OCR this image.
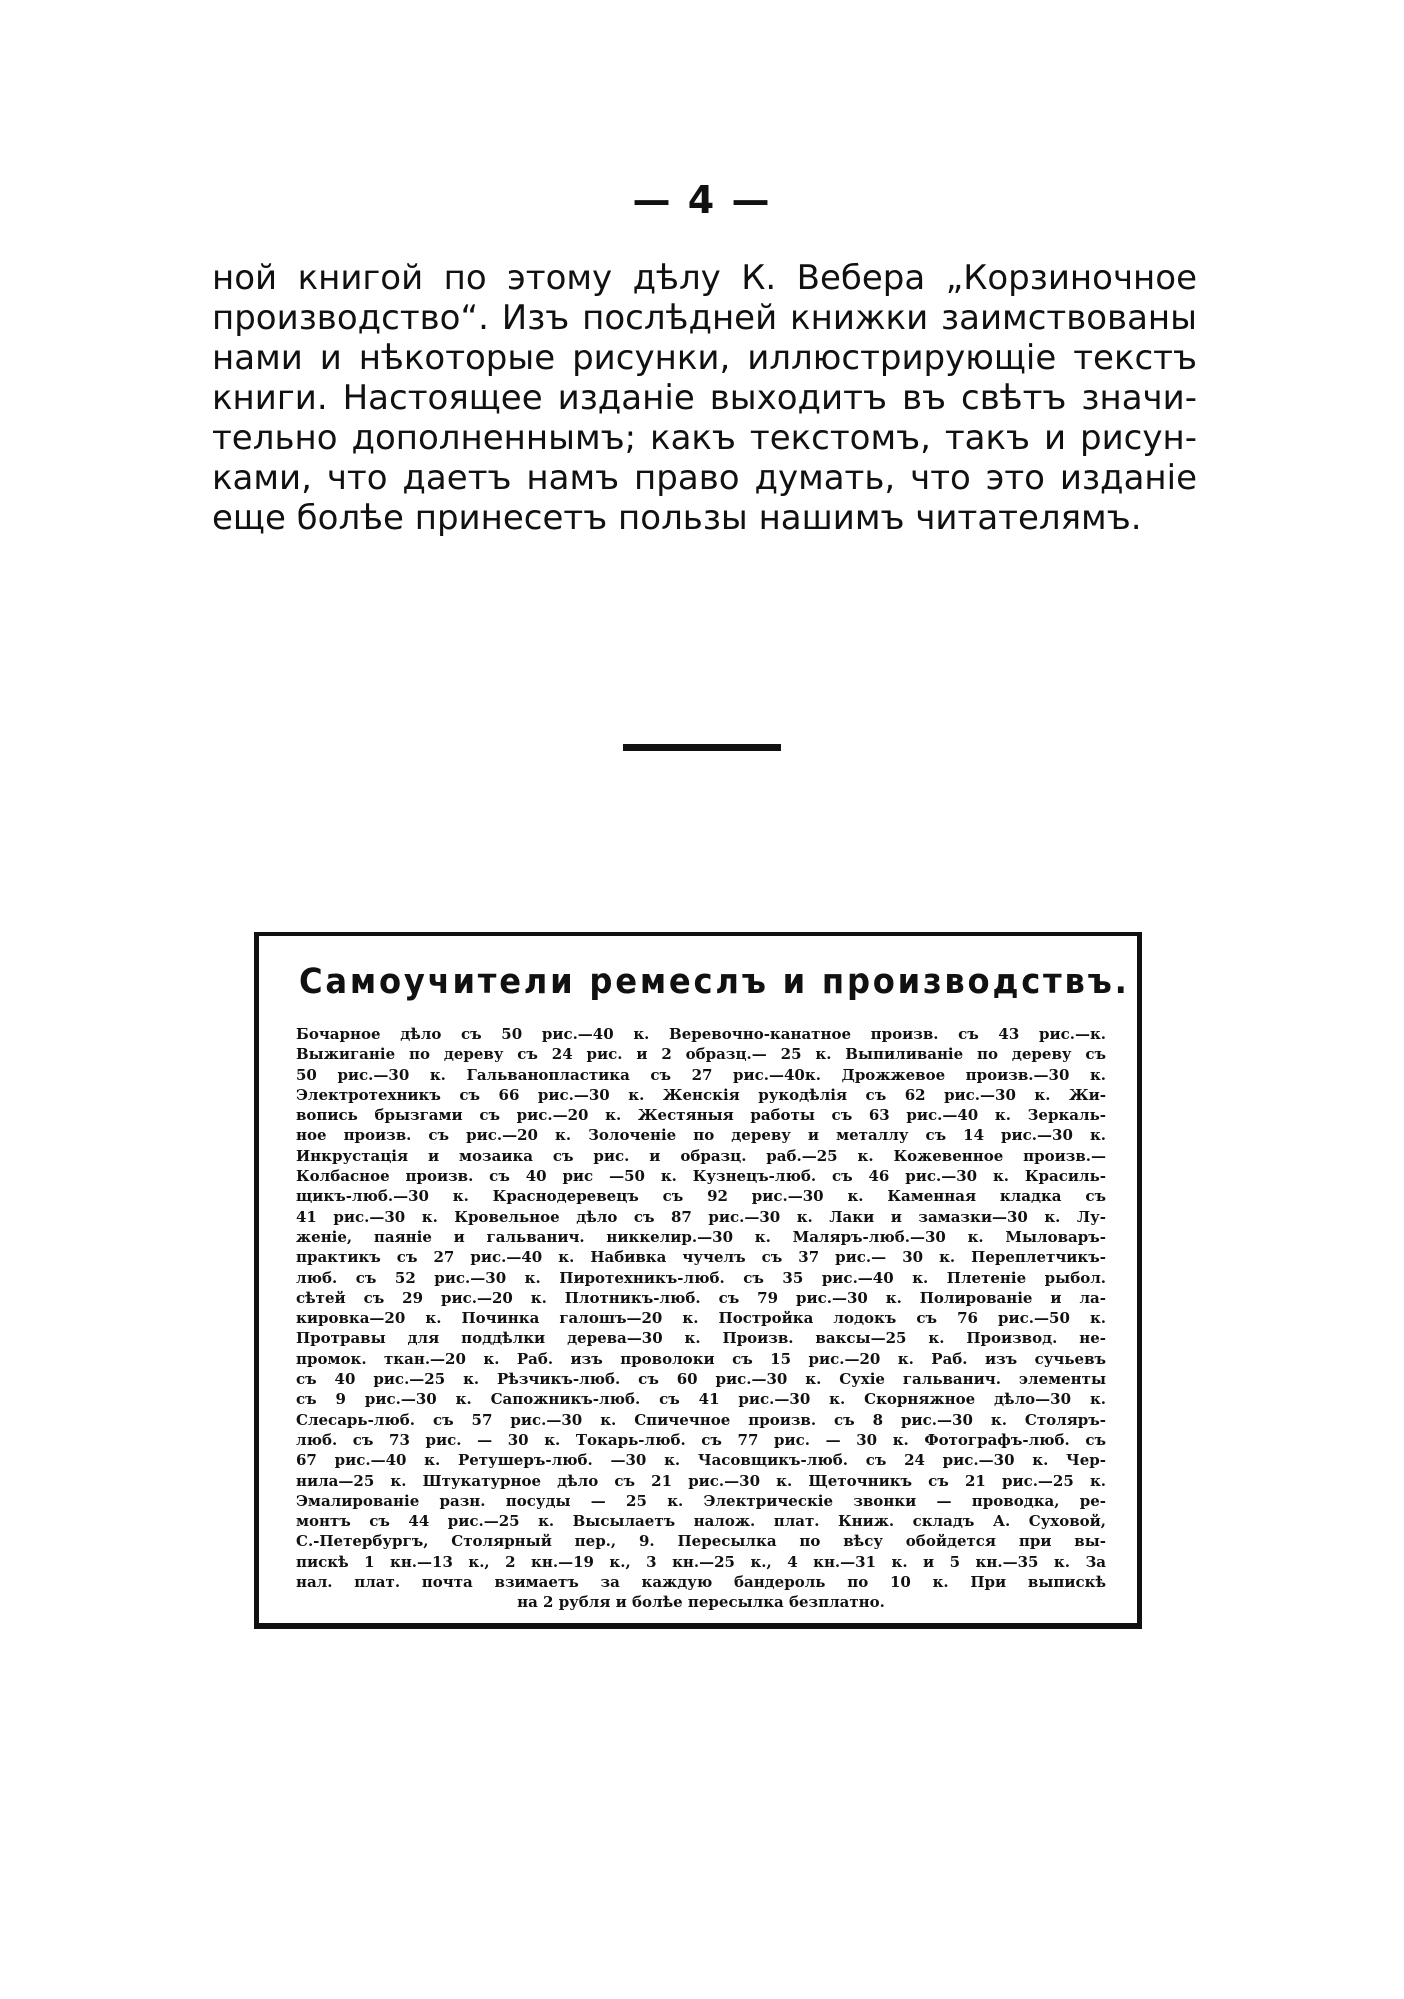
— 4 —
ной книгой по этому дѣлу К. Вебера „Корзиночное
производство“. Изъ послѣдней книжки заимствованы
нами и нѣкоторые рисунки, иллюстрирующіе текстъ
книги. Настоящее изданіе выходитъ въ свѣтъ значи-
тельно дополненнымъ; какъ текстомъ, такъ и рисун-
ками, что даетъ намъ право думать, что это изданіе
еще болѣе принесетъ пользы нашимъ читателямъ.
Самоучители ремеслъ и производствъ.
Бочарное дѣло съ 50 рис.—40 к. Веревочно-канатное произв. съ 43 рис.—к.
Выжиганіе по дереву съ 24 рис. и 2 образц.— 25 к. Выпиливаніе по дереву съ
50 рис.—30 к. Гальванопластика съ 27 рис.—40к. Дрожжевое произв.—30 к.
Электротехникъ съ 66 рис.—30 к. Женскія рукодѣлія съ 62 рис.—30 к. Жи-
вопись брызгами съ рис.—20 к. Жестяныя работы съ 63 рис.—40 к. Зеркаль-
ное произв. съ рис.—20 к. Золоченіе по дереву и металлу съ 14 рис.—30 к.
Инкрустація и мозаика съ рис. и образц. раб.—25 к. Кожевенное произв.—
Колбасное произв. съ 40 рис —50 к. Кузнецъ-люб. съ 46 рис.—30 к. Красиль-
щикъ-люб.—30 к. Краснодеревецъ съ 92 рис.—30 к. Каменная кладка съ
41 рис.—30 к. Кровельное дѣло съ 87 рис.—30 к. Лаки и замазки—30 к. Лу-
женіе, паяніе и гальванич. никкелир.—30 к. Маляръ-люб.—30 к. Мыловаръ-
практикъ съ 27 рис.—40 к. Набивка чучелъ съ 37 рис.— 30 к. Переплетчикъ-
люб. съ 52 рис.—30 к. Пиротехникъ-люб. съ 35 рис.—40 к. Плетеніе рыбол.
сѣтей съ 29 рис.—20 к. Плотникъ-люб. съ 79 рис.—30 к. Полированіе и ла-
кировка—20 к. Починка галошъ—20 к. Постройка лодокъ съ 76 рис.—50 к.
Протравы для поддѣлки дерева—30 к. Произв. ваксы—25 к. Производ. не-
промок. ткан.—20 к. Раб. изъ проволоки съ 15 рис.—20 к. Раб. изъ сучьевъ
съ 40 рис.—25 к. Рѣзчикъ-люб. съ 60 рис.—30 к. Сухіе гальванич. элементы
съ 9 рис.—30 к. Сапожникъ-люб. съ 41 рис.—30 к. Скорняжное дѣло—30 к.
Слесарь-люб. съ 57 рис.—30 к. Спичечное произв. съ 8 рис.—30 к. Столяръ-
люб. съ 73 рис. — 30 к. Токарь-люб. съ 77 рис. — 30 к. Фотографъ-люб. съ
67 рис.—40 к. Ретушеръ-люб. —30 к. Часовщикъ-люб. съ 24 рис.—30 к. Чер-
нила—25 к. Штукатурное дѣло съ 21 рис.—30 к. Щеточникъ съ 21 рис.—25 к.
Эмалированіе разн. посуды — 25 к. Электрическіе звонки — проводка, ре-
монтъ съ 44 рис.—25 к. Высылаетъ налож. плат. Книж. складъ А. Суховой,
С.-Петербургъ, Столярный пер., 9. Пересылка по вѣсу обойдется при вы-
пискѣ 1 кн.—13 к., 2 кн.—19 к., 3 кн.—25 к., 4 кн.—31 к. и 5 кн.—35 к. За
нал. плат. почта взимаетъ за каждую бандероль по 10 к. При выпискѣ
на 2 рубля и болѣе пересылка безплатно.
